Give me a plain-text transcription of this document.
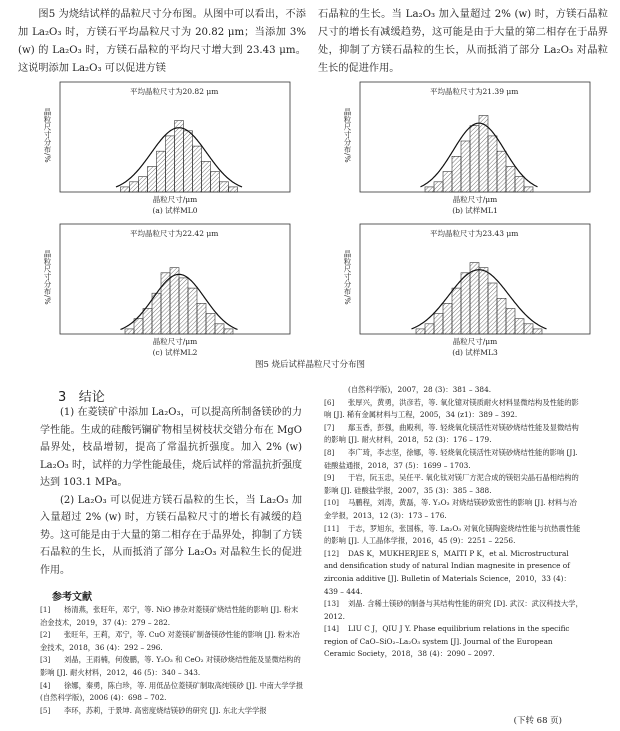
图5 为烧结试样的晶粒尺寸分布图。从图中可以看出，不添加 La₂O₃ 时，方镁石平均晶粒尺寸为 20.82 μm；当添加 3% (w) 的 La₂O₃ 时，方镁石晶粒的平均尺寸增大到 23.43 μm。这说明添加 La₂O₃ 可以促进方镁

石晶粒的生长。当 La₂O₃ 加入量超过 2% (w) 时，方镁石晶粒尺寸的增长有减缓趋势，这可能是由于大量的第二相存在于晶界处，抑制了方镁石晶粒的生长，从而抵消了部分 La₂O₃ 对晶粒生长的促进作用。

平均晶粒尺寸为20.82 μm
晶粒尺寸分布/%
晶粒尺寸/μm
(a) 试样ML0
平均晶粒尺寸为21.39 μm
晶粒尺寸分布/%
晶粒尺寸/μm
(b) 试样ML1
平均晶粒尺寸为22.42 μm
晶粒尺寸分布/%
晶粒尺寸/μm
(c) 试样ML2
平均晶粒尺寸为23.43 μm
晶粒尺寸分布/%
晶粒尺寸/μm
(d) 试样ML3
图5 烧后试样晶粒尺寸分布图
3 结论

(1) 在菱镁矿中添加 La₂O₃，可以提高所制备镁砂的力学性能。生成的硅酸钙镧矿物相呈树枝状交错分布在 MgO 晶界处，枝晶增韧，提高了常温抗折强度。加入 2% (w) La₂O₃ 时，试样的力学性能最佳，烧后试样的常温抗折强度达到 103.1 MPa。

(2) La₂O₃ 可以促进方镁石晶粒的生长，当 La₂O₃ 加入量超过 2% (w) 时，方镁石晶粒尺寸的增长有减缓的趋势。这可能是由于大量的第二相存在于晶界处，抑制了方镁石晶粒的生长，从而抵消了部分 La₂O₃ 对晶粒生长的促进作用。

参考文献

[1] 杨清燕，张旺年，邓宁，等. NiO 掺杂对菱镁矿烧结性能的影响 [J]. 粉末冶金技术，2019，37 (4)：279 – 282.

[2] 张旺年，王莉，邓宁，等. CuO 对菱镁矿制备镁砂性能的影响 [J]. 粉末冶金技术，2018，36 (4)：292 – 296.

[3] 刘晶，王雨楠，何俊鹏，等. Y₂O₃ 和 CeO₂ 对镁砂烧结性能及显微结构的影响 [J]. 耐火材料，2012，46 (5)：340 – 343.

[4] 徐娜，秦勇，陈白珍，等. 用低品位菱镁矿制取高纯镁砂 [J]. 中南大学学报 (自然科学版)，2006 (4)：698 – 702.

[5] 李环，苏莉，于景坤. 高密度烧结镁砂的研究 [J]. 东北大学学报

(自然科学版)，2007，28 (3)：381 – 384.

[6] 张厚兴，黄勇，洪彦若，等. 氧化镱对镁质耐火材料显微结构及性能的影响 [J]. 稀有金属材料与工程，2005，34 (z1)：389 – 392.

[7] 鄢玉香，彭强，曲殿利，等. 轻烧氧化镁活性对镁砂烧结性能及显微结构的影响 [J]. 耐火材料，2018，52 (3)：176 – 179.

[8] 李广琦，李志坚，徐娜，等. 轻烧氧化镁活性对镁砂烧结性能的影响 [J]. 硅酸盐通报，2018，37 (5)：1699 – 1703.

[9] 于岩，阮玉忠，吴任平. 氧化钛对镁厂方泥合成的镁铝尖晶石晶相结构的影响 [J]. 硅酸盐学报，2007，35 (3)：385 – 388.

[10] 马鹏程，刘涛，黄磊，等. Y₂O₃ 对烧结镁砂致密性的影响 [J]. 材料与冶金学报，2013，12 (3)：173 – 176.

[11] 于志，罗旭东，张国栋，等. La₂O₃ 对氧化镁陶瓷烧结性能与抗热震性能的影响 [J]. 人工晶体学报，2016，45 (9)：2251 – 2256.

[12] DAS K，MUKHERJEE S，MAITI P K，et al. Microstructural and densification study of natural Indian magnesite in presence of zirconia additive [J]. Bulletin of Materials Science，2010，33 (4)：439 – 444.

[13] 刘晶. 含稀土镁砂的制备与其结构性能的研究 [D]. 武汉：武汉科技大学，2012.

[14] LIU C J，QIU J Y. Phase equilibrium relations in the specific region of CaO–SiO₂–La₂O₃ system [J]. Journal of the European Ceramic Society，2018，38 (4)：2090 – 2097.

(下转 68 页)
